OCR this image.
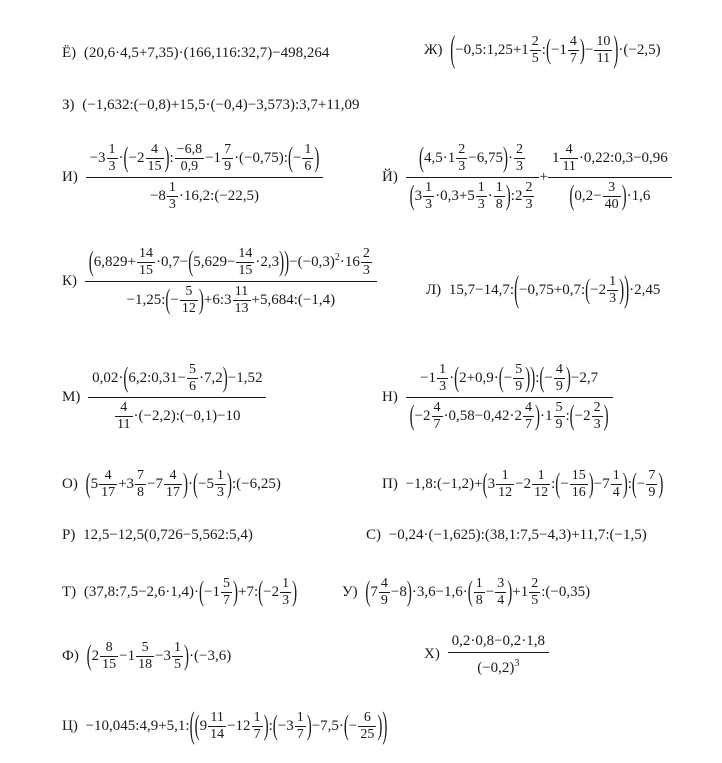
Ё) (20,6·4,5+7,35)·(166,116:32,7)−498,264	Ж) (−0,5:1,25+1 $\frac{2}{5}$ :(−1 $\frac{4}{7}$ )− $\frac{10}{11} )\cdot(-2,5)$
З) (−1,632:(−0,8)+15,5·(−0,4)−3,573):3,7+11,09
$И) \frac{-3 \frac{1}{3} \cdot(-2 \frac{4}{15} ): \frac{-6,8}{0,9} -1 \frac{7}{9} \cdot(-0,75):(- \frac{1}{6} )}{-8 \frac{1}{3} \cdot 16,2:(-22,5)}$	$Й) \frac{(4,5\cdot 1 \frac{2}{3} -6,75)\cdot \frac{2}{3}}{(3 \frac{1}{3} \cdot 0,3+5 \frac{1}{3} \cdot \frac{1}{8} ):2 \frac{2}{3}} + \frac{1 \frac{4}{11} \cdot 0,22:0,3-0,96}{(0,2- \frac{3}{40} )\cdot 1,6}$
$К) \frac{(6,829+ \frac{14}{15} \cdot 0,7-(5,629- \frac{14}{15} \cdot 2,3))-(-0,3)^2\cdot 16 \frac{2}{3}}{-1,25:(- \frac{5}{12} )+6:3 \frac{11}{13} +5,684:(-1,4)}$	Л) 15,7−14,7:(−0,75+0,7:(−2 $\frac{1}{3} ))\cdot 2,45$
$М) \frac{0,02\cdot(6,2:0,31- \frac{5}{6} \cdot 7,2)-1,52}{\frac{4}{11} \cdot(-2,2):(-0,1)-10}$	$Н) \frac{-1 \frac{1}{3} \cdot(2+0,9\cdot(- \frac{5}{9} )):(- \frac{4}{9} )-2,7}{(-2 \frac{4}{7} \cdot 0,58-0,42\cdot 2 \frac{4}{7} )\cdot 1 \frac{5}{9} :(-2 \frac{2}{3} )}$
О) $(5 \frac{4}{17} +3 \frac{7}{8} -7 \frac{4}{17} )\cdot(-5 \frac{1}{3}$ ):(−6,25)	П) −1,8:(−1,2)+(3 $\frac{1}{12} -2 \frac{1}{12}$ :(− $\frac{15}{16} )-7 \frac{1}{4}$ ):(− $\frac{7}{9}$ )
Р) 12,5−12,5(0,726−5,562:5,4)	С) −0,24·(−1,625):(38,1:7,5−4,3)+11,7:(−1,5)
Т) (37,8:7,5−2,6·1,4)·(−1 $\frac{5}{7}$ )+7:(−2 $\frac{1}{3}$ )	У) $(7 \frac{4}{9} -8)\cdot 3,6-1,6\cdot( \frac{1}{8} - \frac{3}{4} )+1 \frac{2}{5}$ :(−0,35)
Ф) $(2 \frac{8}{15} -1 \frac{5}{18} -3 \frac{1}{5} )\cdot(-3,6)$	$Х) \frac{0,2\cdot 0,8-0,2\cdot 1,8}{(-0,2)^3}$
Ц) −10,045:4,9+5,1:((9 $\frac{11}{14} -12 \frac{1}{7}$ ):(−3 $\frac{1}{7} )-7,5\cdot(- \frac{6}{25}$ ))
